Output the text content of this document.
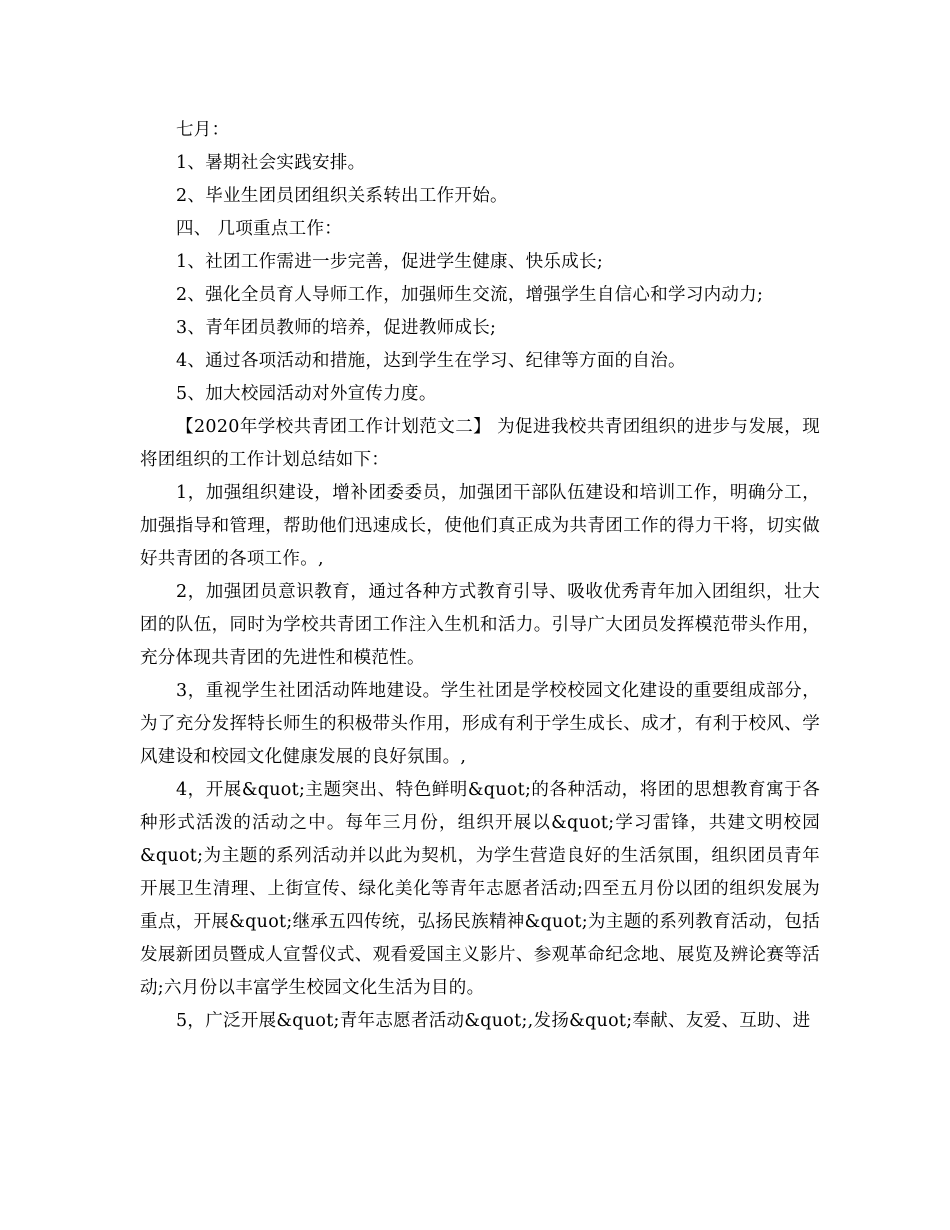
七月：
1、暑期社会实践安排。
2、毕业生团员团组织关系转出工作开始。
四、 几项重点工作：
1、社团工作需进一步完善，促进学生健康、快乐成长;
2、强化全员育人导师工作，加强师生交流，增强学生自信心和学习内动力;
3、青年团员教师的培养，促进教师成长;
4、通过各项活动和措施，达到学生在学习、纪律等方面的自治。
5、加大校园活动对外宣传力度。

【2020年学校共青团工作计划范文二】 为促进我校共青团组织的进步与发展，现将团组织的工作计划总结如下：

1，加强组织建设，增补团委委员，加强团干部队伍建设和培训工作，明确分工，加强指导和管理，帮助他们迅速成长，使他们真正成为共青团工作的得力干将，切实做好共青团的各项工作。,

2，加强团员意识教育，通过各种方式教育引导、吸收优秀青年加入团组织，壮大团的队伍，同时为学校共青团工作注入生机和活力。引导广大团员发挥模范带头作用，充分体现共青团的先进性和模范性。

3，重视学生社团活动阵地建设。学生社团是学校校园文化建设的重要组成部分，为了充分发挥特长师生的积极带头作用，形成有利于学生成长、成才，有利于校风、学风建设和校园文化健康发展的良好氛围。,

4，开展&quot;主题突出、特色鲜明&quot;的各种活动，将团的思想教育寓于各种形式活泼的活动之中。每年三月份，组织开展以&quot;学习雷锋，共建文明校园&quot;为主题的系列活动并以此为契机，为学生营造良好的生活氛围，组织团员青年开展卫生清理、上街宣传、绿化美化等青年志愿者活动;四至五月份以团的组织发展为重点，开展&quot;继承五四传统，弘扬民族精神&quot;为主题的系列教育活动，包括发展新团员暨成人宣誓仪式、观看爱国主义影片、参观革命纪念地、展览及辨论赛等活动;六月份以丰富学生校园文化生活为目的。

5，广泛开展&quot;青年志愿者活动&quot;,发扬&quot;奉献、友爱、互助、进
